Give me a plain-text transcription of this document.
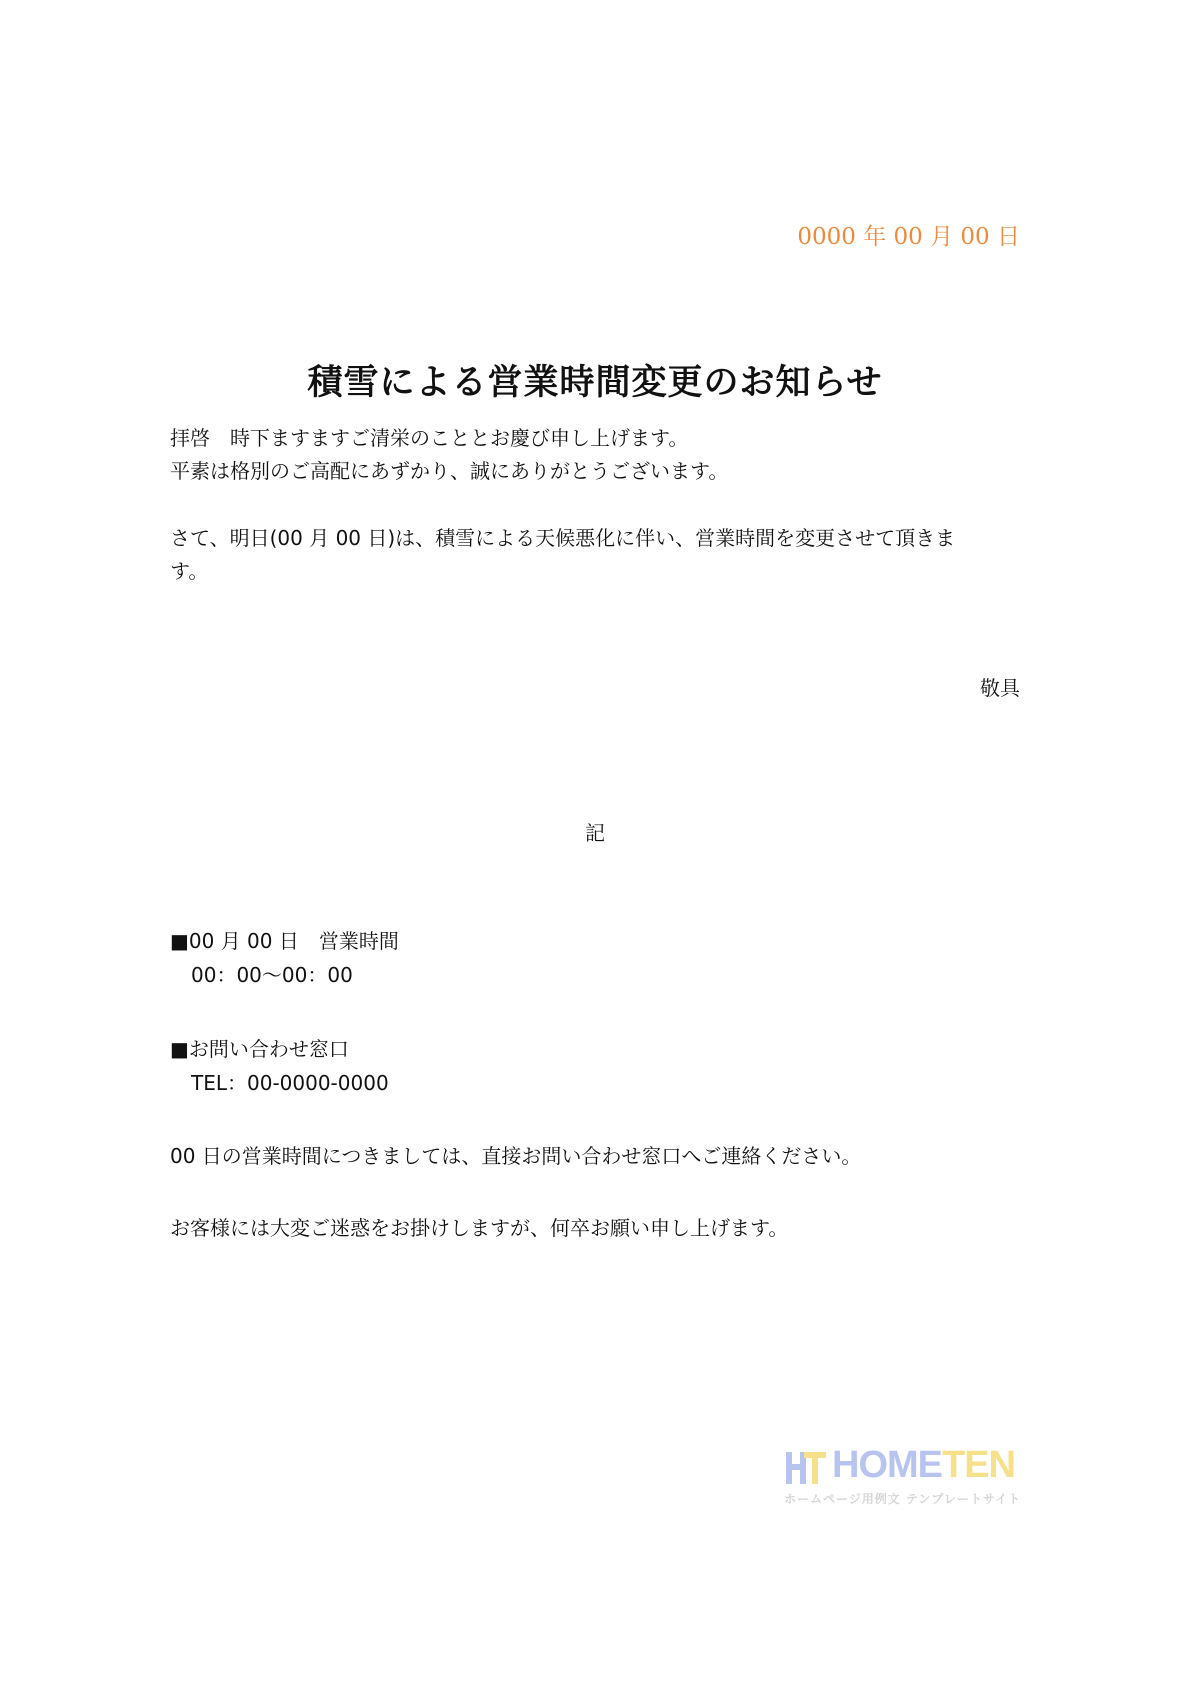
0000 年 00 月 00 日
積雪による営業時間変更のお知らせ
拝啓　時下ますますご清栄のこととお慶び申し上げます。
平素は格別のご高配にあずかり、誠にありがとうございます。
さて、明日(00 月 00 日)は、積雪による天候悪化に伴い、営業時間を変更させて頂きま
す。
敬具
記
■00 月 00 日　営業時間
00：00〜00：00
■お問い合わせ窓口
TEL：00-0000-0000
00 日の営業時間につきましては、直接お問い合わせ窓口へご連絡ください。
お客様には大変ご迷惑をお掛けしますが、何卒お願い申し上げます。
HOMETEN
ホームページ用例文 テンプレートサイト
